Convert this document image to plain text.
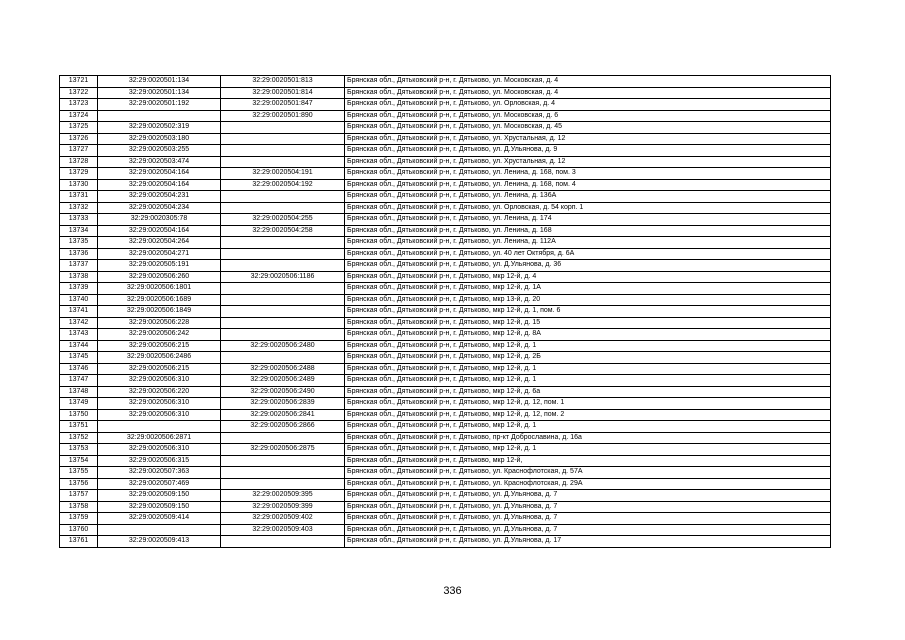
13721	32:29:0020501:134	32:29:0020501:813	Брянская обл., Дятьковский р-н, г. Дятьково, ул. Московская, д. 4
13722	32:29:0020501:134	32:29:0020501:814	Брянская обл., Дятьковский р-н, г. Дятьково, ул. Московская, д. 4
13723	32:29:0020501:192	32:29:0020501:847	Брянская обл., Дятьковский р-н, г. Дятьково, ул. Орловская, д. 4
13724		32:29:0020501:890	Брянская обл., Дятьковский р-н, г. Дятьково, ул. Московская, д. 6
13725	32:29:0020502:319		Брянская обл., Дятьковский р-н, г. Дятьково, ул. Московская, д. 45
13726	32:29:0020503:180		Брянская обл., Дятьковский р-н, г. Дятьково, ул. Хрустальная, д. 12
13727	32:29:0020503:255		Брянская обл., Дятьковский р-н, г. Дятьково, ул. Д.Ульянова, д. 9
13728	32:29:0020503:474		Брянская обл., Дятьковский р-н, г. Дятьково, ул. Хрустальная, д. 12
13729	32:29:0020504:164	32:29:0020504:191	Брянская обл., Дятьковский р-н, г. Дятьково, ул. Ленина, д. 168, пом. 3
13730	32:29:0020504:164	32:29:0020504:192	Брянская обл., Дятьковский р-н, г. Дятьково, ул. Ленина, д. 168, пом. 4
13731	32:29:0020504:231		Брянская обл., Дятьковский р-н, г. Дятьково, ул. Ленина, д. 136А
13732	32:29:0020504:234		Брянская обл., Дятьковский р-н, г. Дятьково, ул. Орловская, д. 54 корп. 1
13733	32:29:0020305:78	32:29:0020504:255	Брянская обл., Дятьковский р-н, г. Дятьково, ул. Ленина, д. 174
13734	32:29:0020504:164	32:29:0020504:258	Брянская обл., Дятьковский р-н, г. Дятьково, ул. Ленина, д. 168
13735	32:29:0020504:264		Брянская обл., Дятьковский р-н, г. Дятьково, ул. Ленина, д. 112А
13736	32:29:0020504:271		Брянская обл., Дятьковский р-н, г. Дятьково, ул. 40 лет Октября, д. 6А
13737	32:29:0020505:191		Брянская обл., Дятьковский р-н, г. Дятьково, ул. Д.Ульянова, д. 36
13738	32:29:0020506:260	32:29:0020506:1186	Брянская обл., Дятьковский р-н, г. Дятьково, мкр 12-й, д. 4
13739	32:29:0020506:1801		Брянская обл., Дятьковский р-н, г. Дятьково, мкр 12-й, д. 1А
13740	32:29:0020506:1689		Брянская обл., Дятьковский р-н, г. Дятьково, мкр 13-й, д. 20
13741	32:29:0020506:1849		Брянская обл., Дятьковский р-н, г. Дятьково, мкр 12-й, д. 1, пом. 6
13742	32:29:0020506:228		Брянская обл., Дятьковский р-н, г. Дятьково, мкр 12-й, д. 15
13743	32:29:0020506:242		Брянская обл., Дятьковский р-н, г. Дятьково, мкр 12-й, д. 8А
13744	32:29:0020506:215	32:29:0020506:2480	Брянская обл., Дятьковский р-н, г. Дятьково, мкр 12-й, д. 1
13745	32:29:0020506:2486		Брянская обл., Дятьковский р-н, г. Дятьково, мкр 12-й, д. 2Б
13746	32:29:0020506:215	32:29:0020506:2488	Брянская обл., Дятьковский р-н, г. Дятьково, мкр 12-й, д. 1
13747	32:29:0020506:310	32:29:0020506:2489	Брянская обл., Дятьковский р-н, г. Дятьково, мкр 12-й, д. 1
13748	32:29:0020506:220	32:29:0020506:2490	Брянская обл., Дятьковский р-н, г. Дятьково, мкр 12-й, д. 6а
13749	32:29:0020506:310	32:29:0020506:2839	Брянская обл., Дятьковский р-н, г. Дятьково, мкр 12-й, д. 12, пом. 1
13750	32:29:0020506:310	32:29:0020506:2841	Брянская обл., Дятьковский р-н, г. Дятьково, мкр 12-й, д. 12, пом. 2
13751		32:29:0020506:2866	Брянская обл., Дятьковский р-н, г. Дятьково, мкр 12-й, д. 1
13752	32:29:0020506:2871		Брянская обл., Дятьковский р-н, г. Дятьково, пр-кт Доброславина, д. 16а
13753	32:29:0020506:310	32:29:0020506:2875	Брянская обл., Дятьковский р-н, г. Дятьково, мкр 12-й, д. 1
13754	32:29:0020506:315		Брянская обл., Дятьковский р-н, г. Дятьково, мкр 12-й,
13755	32:29:0020507:363		Брянская обл., Дятьковский р-н, г. Дятьково, ул. Краснофлотская, д. 57А
13756	32:29:0020507:469		Брянская обл., Дятьковский р-н, г. Дятьково, ул. Краснофлотская, д. 29А
13757	32:29:0020509:150	32:29:0020509:395	Брянская обл., Дятьковский р-н, г. Дятьково, ул. Д.Ульянова, д. 7
13758	32:29:0020509:150	32:29:0020509:399	Брянская обл., Дятьковский р-н, г. Дятьково, ул. Д.Ульянова, д. 7
13759	32:29:0020509:414	32:29:0020509:402	Брянская обл., Дятьковский р-н, г. Дятьково, ул. Д.Ульянова, д. 7
13760		32:29:0020509:403	Брянская обл., Дятьковский р-н, г. Дятьково, ул. Д.Ульянова, д. 7
13761	32:29:0020509:413		Брянская обл., Дятьковский р-н, г. Дятьково, ул. Д.Ульянова, д. 17
336
